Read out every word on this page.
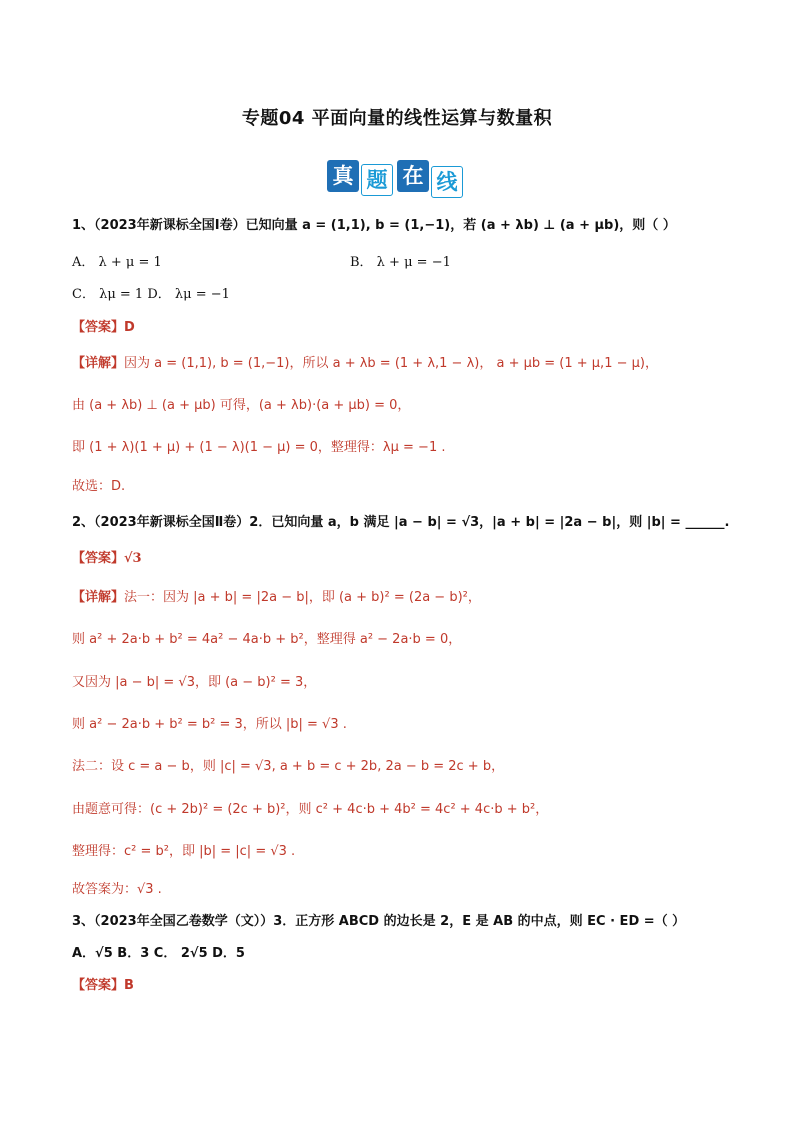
专题04 平面向量的线性运算与数量积
真 题 在 线
1、（2023年新课标全国Ⅰ卷）已知向量 a = (1,1), b = (1,−1)，若 (a + λb) ⊥ (a + μb)，则（ ）
A． λ + μ = 1	B． λ + μ = −1
C． λμ = 1 D． λμ = −1
【答案】D
【详解】因为 a = (1,1), b = (1,−1)，所以 a + λb = (1 + λ,1 − λ)， a + μb = (1 + μ,1 − μ)，
由 (a + λb) ⊥ (a + μb) 可得，(a + λb)·(a + μb) = 0，
即 (1 + λ)(1 + μ) + (1 − λ)(1 − μ) = 0，整理得：λμ = −1 .
故选：D.
2、（2023年新课标全国Ⅱ卷）2．已知向量 a，b 满足 |a − b| = √3，|a + b| = |2a − b|，则 |b| = ______.
【答案】√3
【详解】法一：因为 |a + b| = |2a − b|，即 (a + b)² = (2a − b)²，
则 a² + 2a·b + b² = 4a² − 4a·b + b²，整理得 a² − 2a·b = 0，
又因为 |a − b| = √3，即 (a − b)² = 3，
则 a² − 2a·b + b² = b² = 3，所以 |b| = √3 .
法二：设 c = a − b，则 |c| = √3, a + b = c + 2b, 2a − b = 2c + b，
由题意可得：(c + 2b)² = (2c + b)²，则 c² + 4c·b + 4b² = 4c² + 4c·b + b²，
整理得：c² = b²，即 |b| = |c| = √3 .
故答案为：√3 .
3、（2023年全国乙卷数学（文））3．正方形 ABCD 的边长是 2，E 是 AB 的中点，则 EC · ED =（ ）
A．√5 B．3 C． 2√5 D．5
【答案】B
